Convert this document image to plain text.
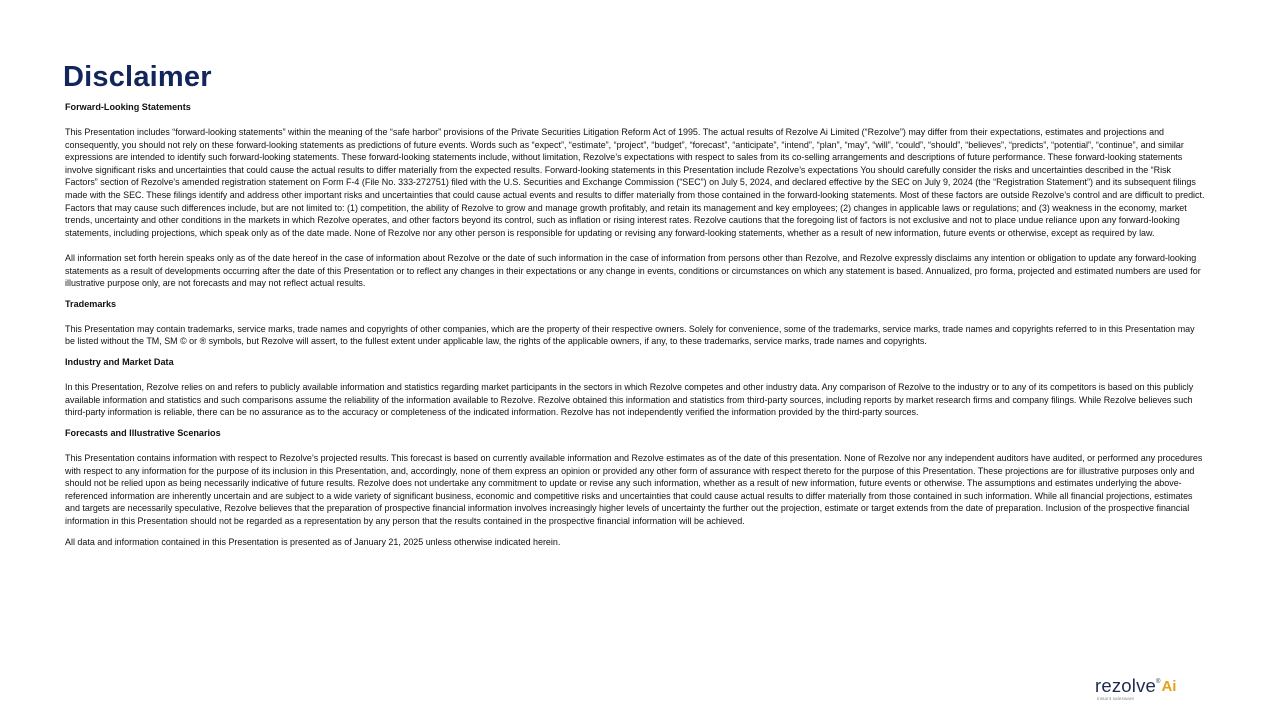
Disclaimer

Forward-Looking Statements

This Presentation includes “forward-looking statements” within the meaning of the “safe harbor” provisions of the Private Securities Litigation Reform Act of 1995. The actual results of Rezolve Ai Limited (“Rezolve”) may differ from their expectations, estimates and projections and consequently, you should not rely on these forward-looking statements as predictions of future events. Words such as “expect”, “estimate”, “project”, “budget”, “forecast”, “anticipate”, “intend”, “plan”, “may”, “will”, “could”, “should”, “believes”, “predicts”, “potential”, “continue”, and similar expressions are intended to identify such forward-looking statements. These forward-looking statements include, without limitation, Rezolve’s expectations with respect to sales from its co-selling arrangements and descriptions of future performance. These forward-looking statements involve significant risks and uncertainties that could cause the actual results to differ materially from the expected results. Forward-looking statements in this Presentation include Rezolve’s expectations You should carefully consider the risks and uncertainties described in the “Risk Factors” section of Rezolve’s amended registration statement on Form F-4 (File No. 333-272751) filed with the U.S. Securities and Exchange Commission (“SEC”) on July 5, 2024, and declared effective by the SEC on July 9, 2024 (the “Registration Statement”) and its subsequent filings made with the SEC. These filings identify and address other important risks and uncertainties that could cause actual events and results to differ materially from those contained in the forward-looking statements. Most of these factors are outside Rezolve’s control and are difficult to predict. Factors that may cause such differences include, but are not limited to: (1) competition, the ability of Rezolve to grow and manage growth profitably, and retain its management and key employees; (2) changes in applicable laws or regulations; and (3) weakness in the economy, market trends, uncertainty and other conditions in the markets in which Rezolve operates, and other factors beyond its control, such as inflation or rising interest rates. Rezolve cautions that the foregoing list of factors is not exclusive and not to place undue reliance upon any forward-looking statements, including projections, which speak only as of the date made. None of Rezolve nor any other person is responsible for updating or revising any forward-looking statements, whether as a result of new information, future events or otherwise, except as required by law.

All information set forth herein speaks only as of the date hereof in the case of information about Rezolve or the date of such information in the case of information from persons other than Rezolve, and Rezolve expressly disclaims any intention or obligation to update any forward-looking statements as a result of developments occurring after the date of this Presentation or to reflect any changes in their expectations or any change in events, conditions or circumstances on which any statement is based. Annualized, pro forma, projected and estimated numbers are used for illustrative purpose only, are not forecasts and may not reflect actual results.

Trademarks

This Presentation may contain trademarks, service marks, trade names and copyrights of other companies, which are the property of their respective owners. Solely for convenience, some of the trademarks, service marks, trade names and copyrights referred to in this Presentation may be listed without the TM, SM © or ® symbols, but Rezolve will assert, to the fullest extent under applicable law, the rights of the applicable owners, if any, to these trademarks, service marks, trade names and copyrights.

Industry and Market Data

In this Presentation, Rezolve relies on and refers to publicly available information and statistics regarding market participants in the sectors in which Rezolve competes and other industry data. Any comparison of Rezolve to the industry or to any of its competitors is based on this publicly available information and statistics and such comparisons assume the reliability of the information available to Rezolve. Rezolve obtained this information and statistics from third-party sources, including reports by market research firms and company filings. While Rezolve believes such third-party information is reliable, there can be no assurance as to the accuracy or completeness of the indicated information. Rezolve has not independently verified the information provided by the third-party sources.

Forecasts and Illustrative Scenarios

This Presentation contains information with respect to Rezolve’s projected results. This forecast is based on currently available information and Rezolve estimates as of the date of this presentation. None of Rezolve nor any independent auditors have audited, or performed any procedures with respect to any information for the purpose of its inclusion in this Presentation, and, accordingly, none of them express an opinion or provided any other form of assurance with respect thereto for the purpose of this Presentation. These projections are for illustrative purposes only and should not be relied upon as being necessarily indicative of future results. Rezolve does not undertake any commitment to update or revise any such information, whether as a result of new information, future events or otherwise. The assumptions and estimates underlying the above-referenced information are inherently uncertain and are subject to a wide variety of significant business, economic and competitive risks and uncertainties that could cause actual results to differ materially from those contained in such information. While all financial projections, estimates and targets are necessarily speculative, Rezolve believes that the preparation of prospective financial information involves increasingly higher levels of uncertainty the further out the projection, estimate or target extends from the date of preparation. Inclusion of the prospective financial information in this Presentation should not be regarded as a representation by any person that the results contained in the prospective financial information will be achieved.

All data and information contained in this Presentation is presented as of January 21, 2025 unless otherwise indicated herein.

rezolve®Ai
instant salesware
